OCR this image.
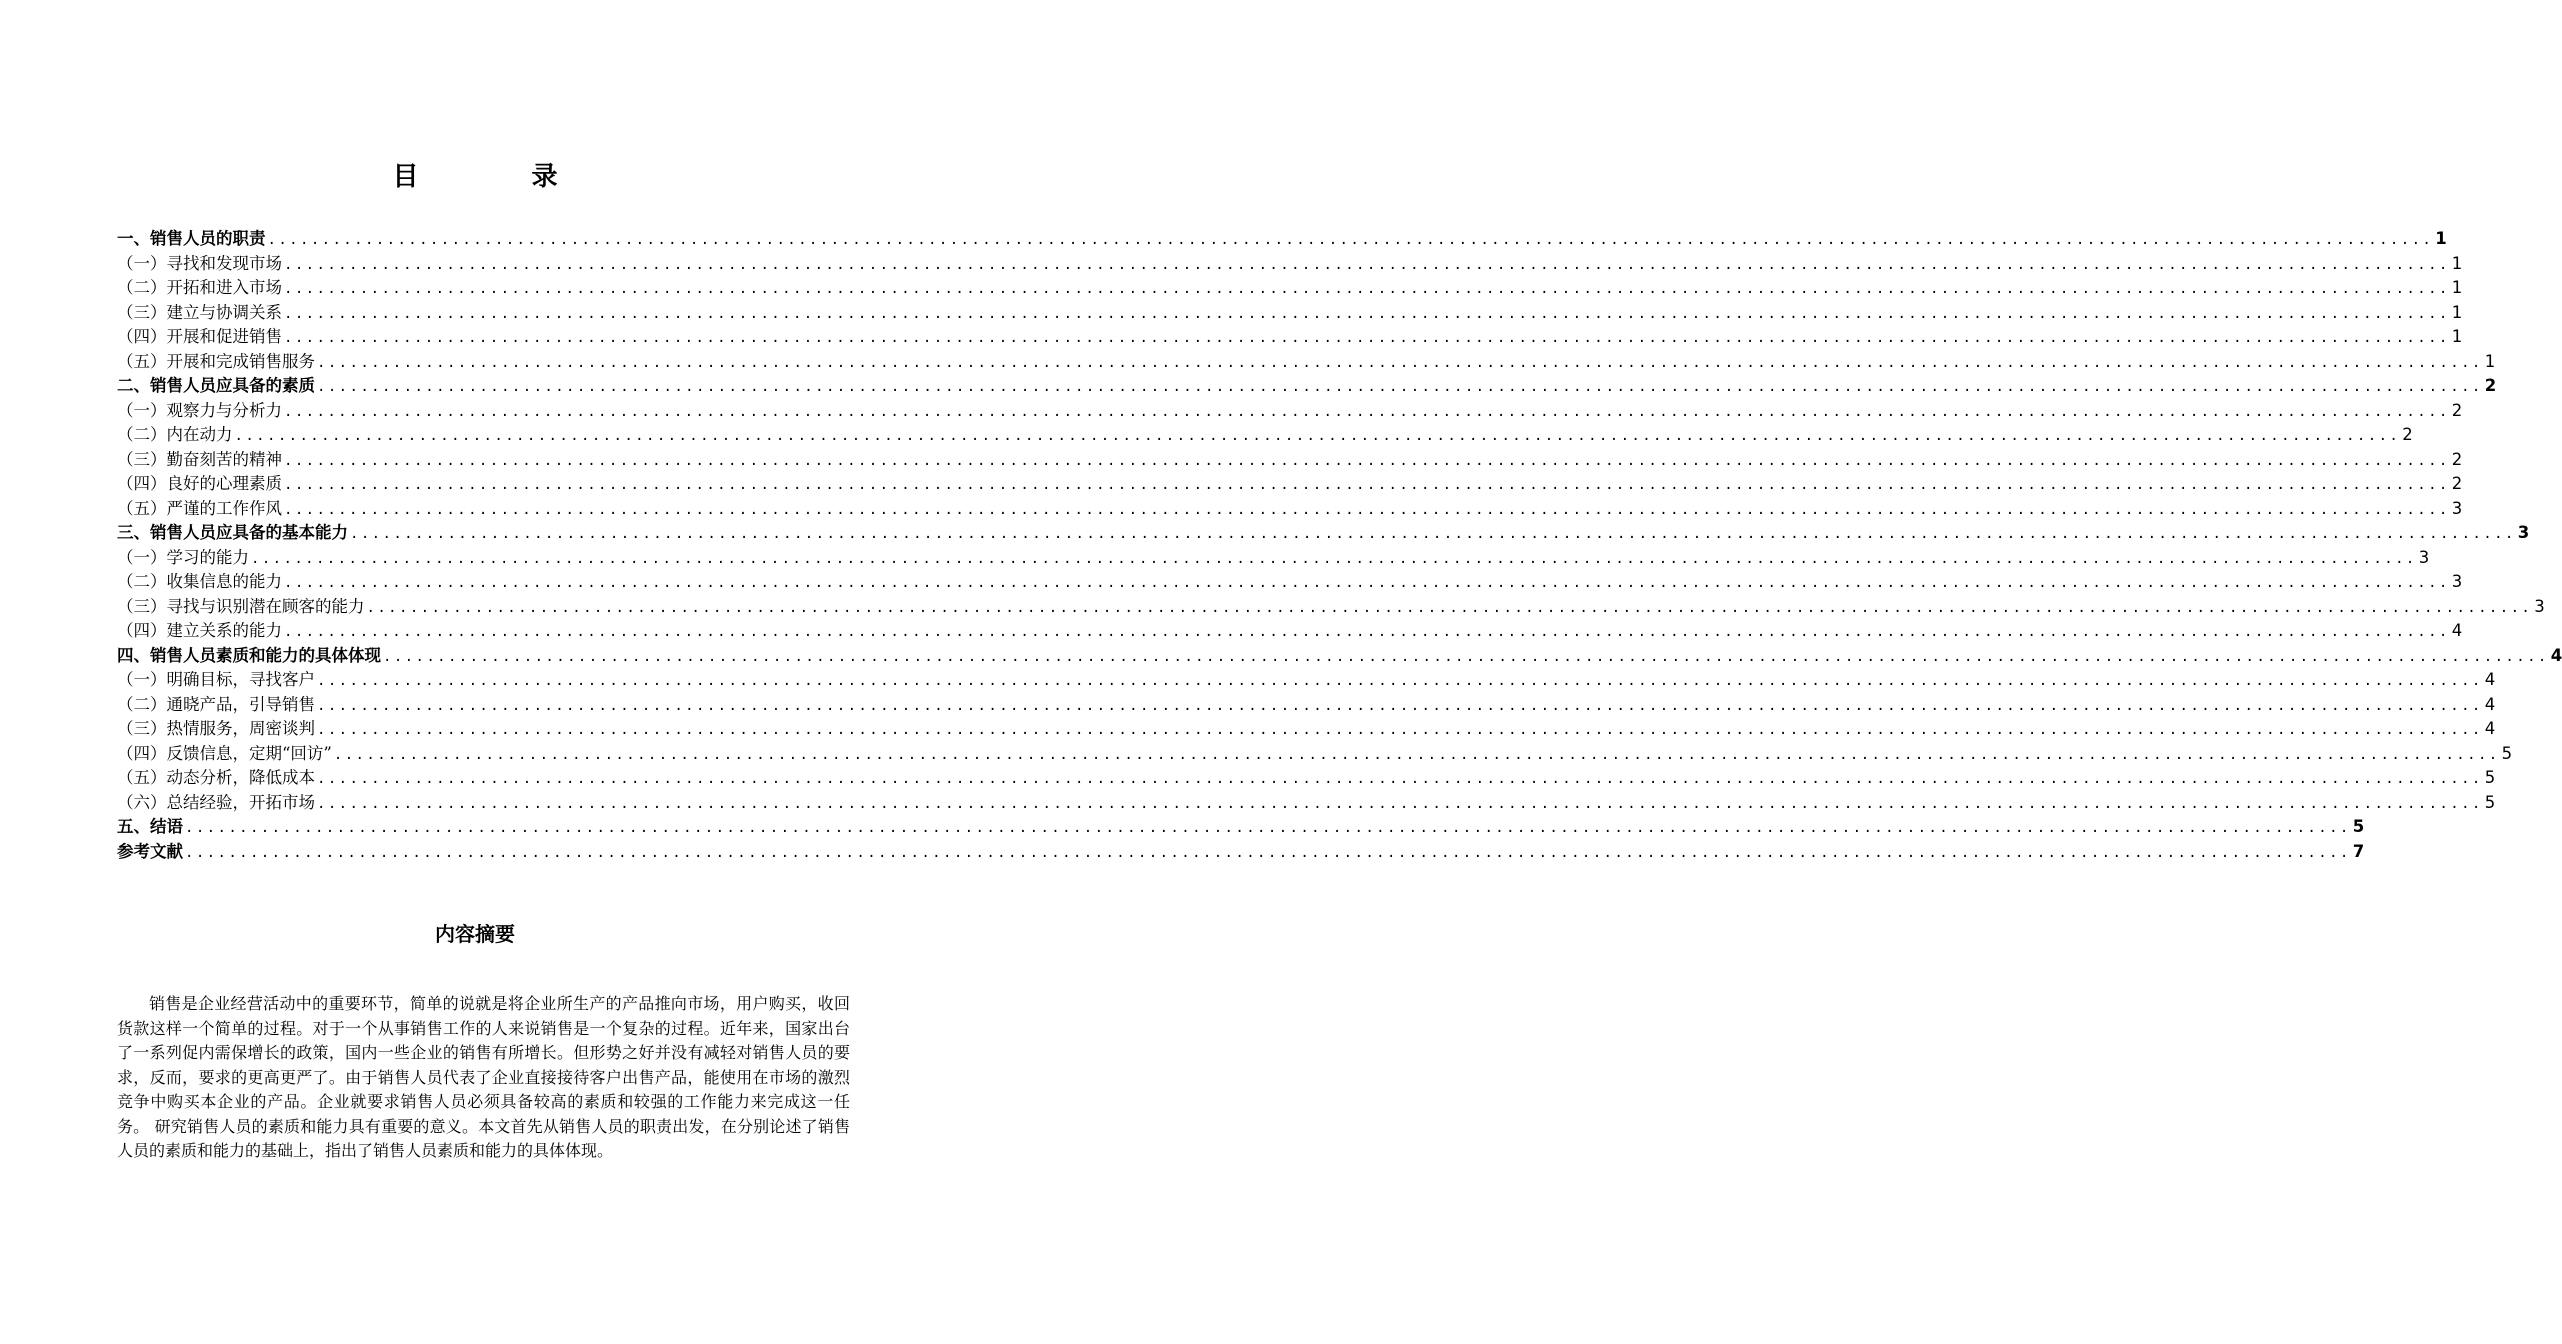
目 录
一、销售人员的职责 ........................................................................................................................................................................................................ 1
（一）寻找和发现市场 ........................................................................................................................................................................................................ 1
（二）开拓和进入市场 ........................................................................................................................................................................................................ 1
（三）建立与协调关系 ........................................................................................................................................................................................................ 1
（四）开展和促进销售 ........................................................................................................................................................................................................ 1
（五）开展和完成销售服务 ........................................................................................................................................................................................................ 1
二、销售人员应具备的素质 ........................................................................................................................................................................................................ 2
（一）观察力与分析力 ........................................................................................................................................................................................................ 2
（二）内在动力 ........................................................................................................................................................................................................ 2
（三）勤奋刻苦的精神 ........................................................................................................................................................................................................ 2
（四）良好的心理素质 ........................................................................................................................................................................................................ 2
（五）严谨的工作作风 ........................................................................................................................................................................................................ 3
三、销售人员应具备的基本能力 ........................................................................................................................................................................................................ 3
（一）学习的能力 ........................................................................................................................................................................................................ 3
（二）收集信息的能力 ........................................................................................................................................................................................................ 3
（三）寻找与识别潜在顾客的能力 ........................................................................................................................................................................................................ 3
（四）建立关系的能力 ........................................................................................................................................................................................................ 4
四、销售人员素质和能力的具体体现 ........................................................................................................................................................................................................ 4
（一）明确目标，寻找客户 ........................................................................................................................................................................................................ 4
（二）通晓产品，引导销售 ........................................................................................................................................................................................................ 4
（三）热情服务，周密谈判 ........................................................................................................................................................................................................ 4
（四）反馈信息，定期“回访” ........................................................................................................................................................................................................ 5
（五）动态分析，降低成本 ........................................................................................................................................................................................................ 5
（六）总结经验，开拓市场 ........................................................................................................................................................................................................ 5
五、结语 ........................................................................................................................................................................................................ 5
参考文献 ........................................................................................................................................................................................................ 7
内容摘要
销售是企业经营活动中的重要环节，简单的说就是将企业所生产的产品推向市场，用户购买，收回货款这样一个简单的过程。对于一个从事销售工作的人来说销售是一个复杂的过程。近年来，国家出台了一系列促内需保增长的政策，国内一些企业的销售有所增长。但形势之好并没有减轻对销售人员的要求，反而，要求的更高更严了。由于销售人员代表了企业直接接待客户出售产品，能使用在市场的激烈竞争中购买本企业的产品。企业就要求销售人员必须具备较高的素质和较强的工作能力来完成这一任务。 研究销售人员的素质和能力具有重要的意义。本文首先从销售人员的职责出发，在分别论述了销售人员的素质和能力的基础上，指出了销售人员素质和能力的具体体现。
